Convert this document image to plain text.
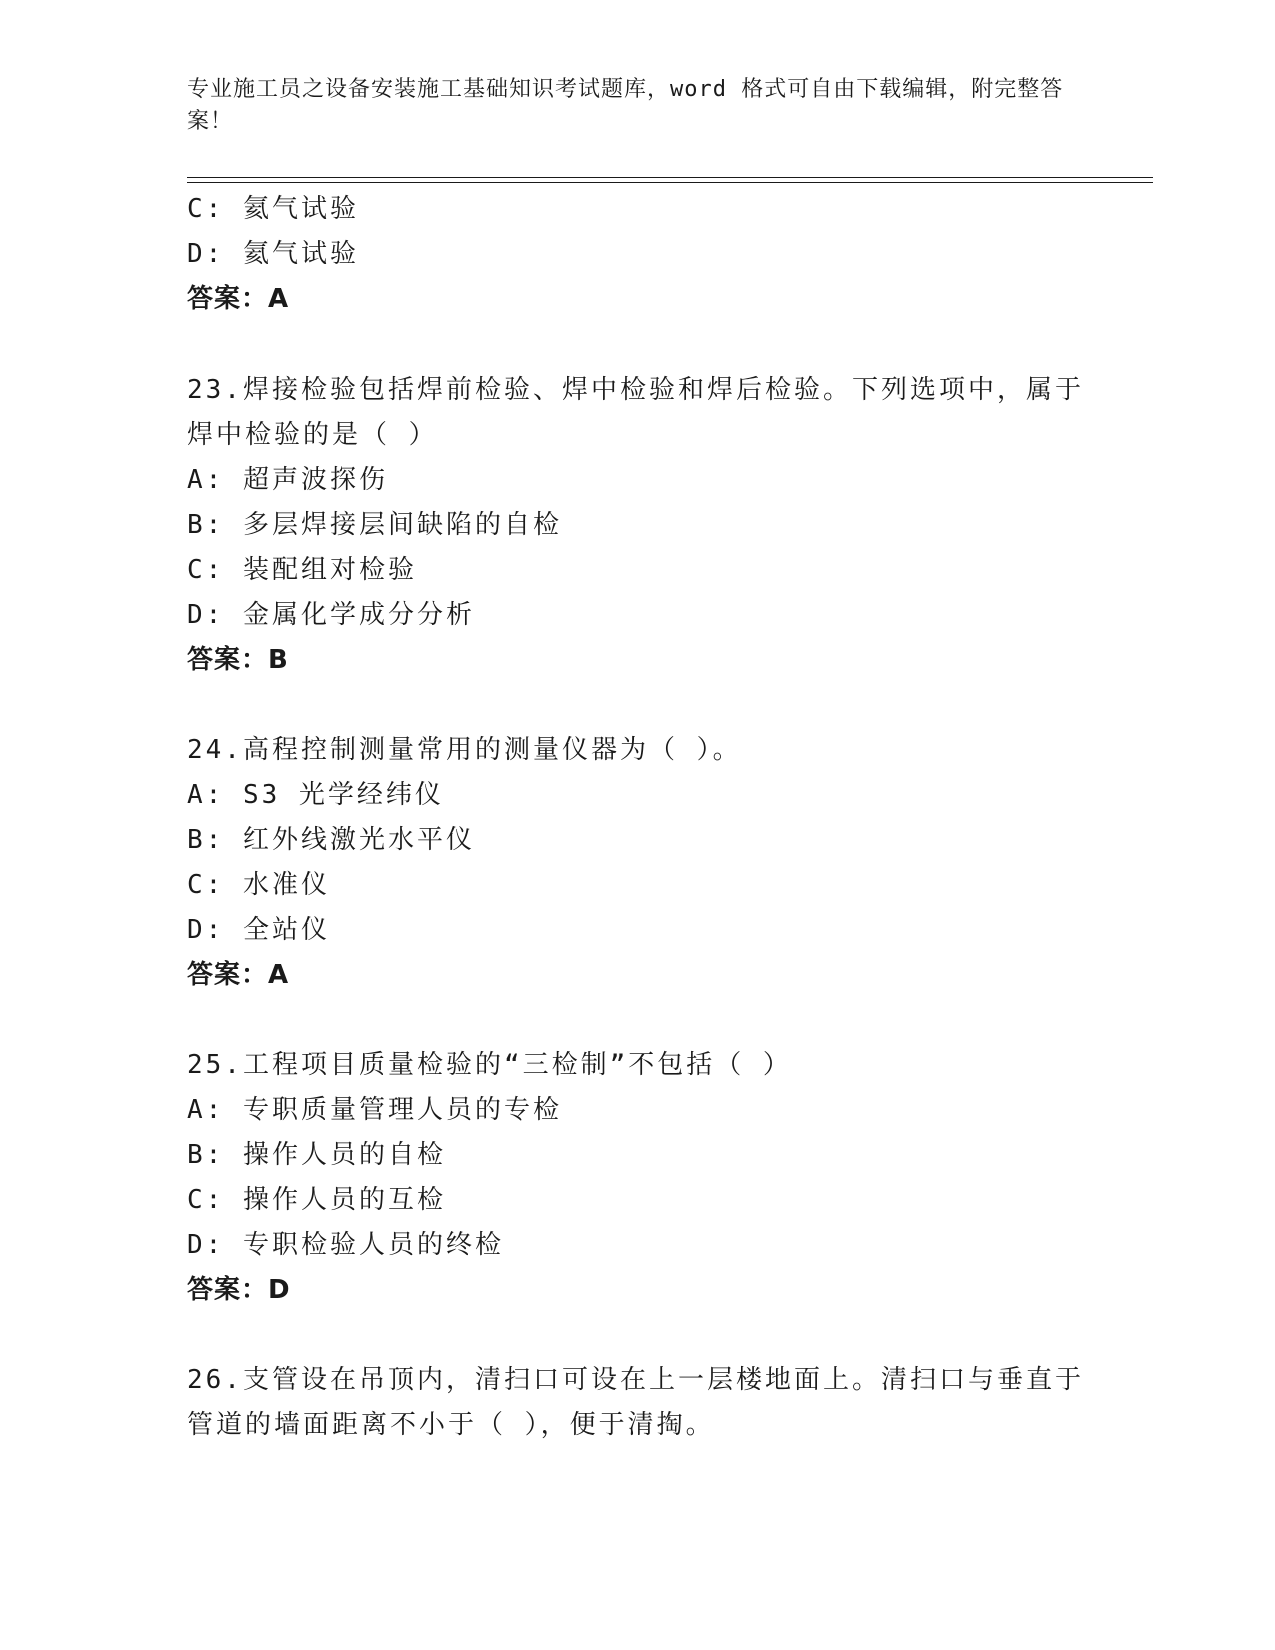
专业施工员之设备安装施工基础知识考试题库，word 格式可自由下载编辑，附完整答案！
C: 氦气试验
D: 氦气试验
答案：A
23.焊接检验包括焊前检验、焊中检验和焊后检验。下列选项中，属于
焊中检验的是（ ）
A: 超声波探伤
B: 多层焊接层间缺陷的自检
C: 装配组对检验
D: 金属化学成分分析
答案：B
24.高程控制测量常用的测量仪器为（ ）。
A: S3 光学经纬仪
B: 红外线激光水平仪
C: 水准仪
D: 全站仪
答案：A
25.工程项目质量检验的“三检制”不包括（ ）
A: 专职质量管理人员的专检
B: 操作人员的自检
C: 操作人员的互检
D: 专职检验人员的终检
答案：D
26.支管设在吊顶内，清扫口可设在上一层楼地面上。清扫口与垂直于
管道的墙面距离不小于（ ），便于清掏。
